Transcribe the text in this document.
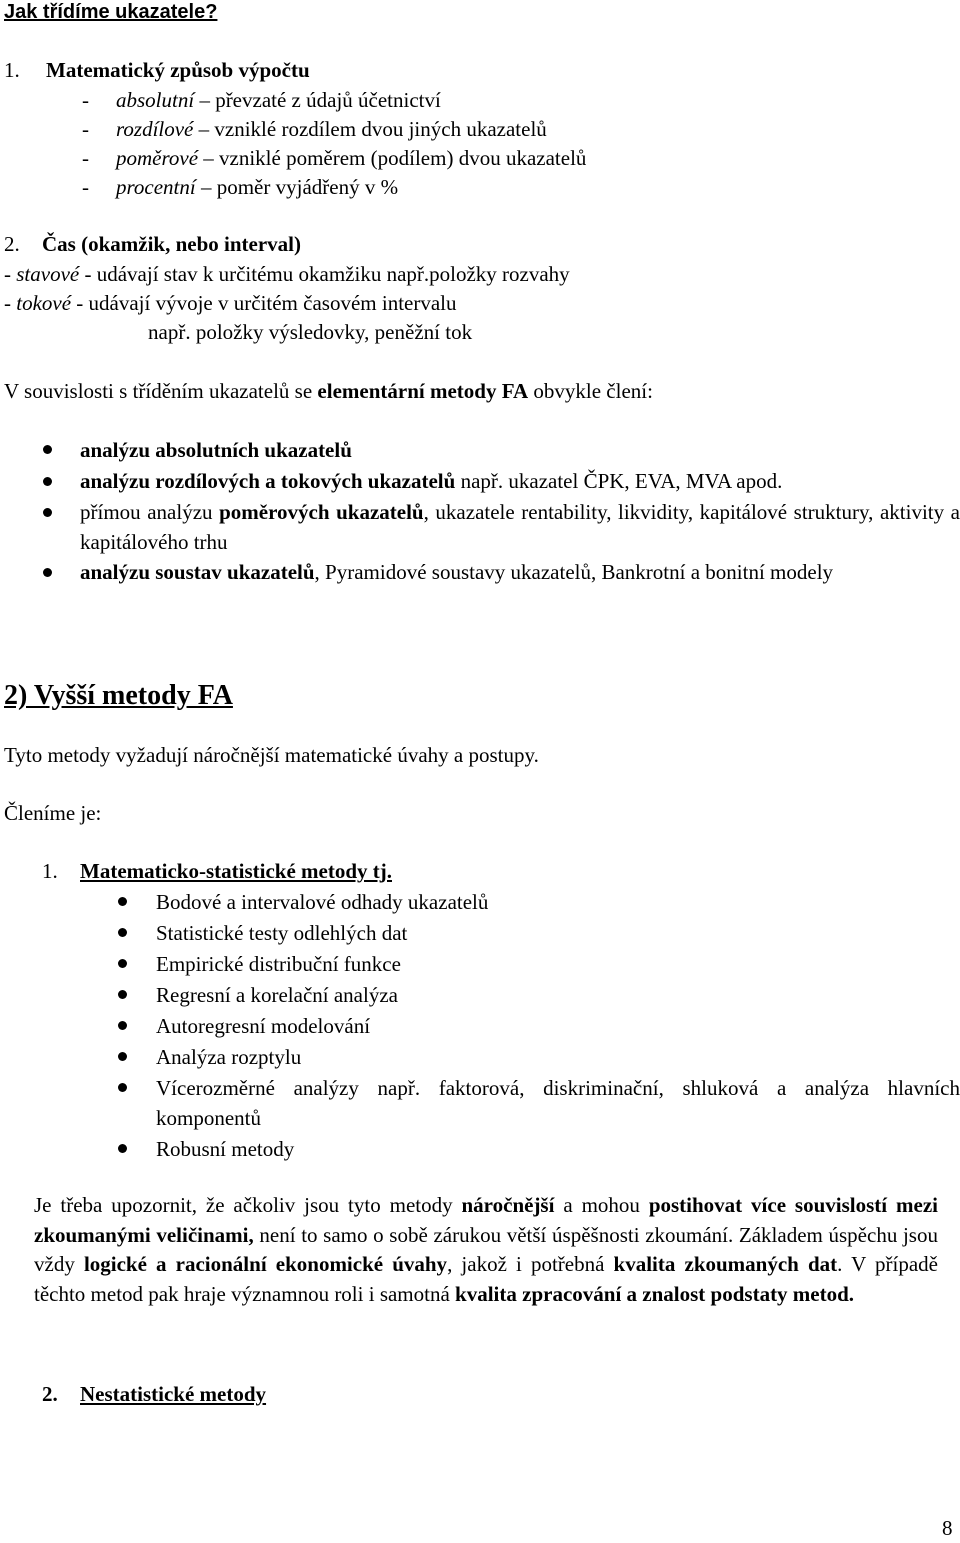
Jak třídíme ukazatele?
1. Matematický způsob výpočtu
- absolutní – převzaté z údajů účetnictví
- rozdílové – vzniklé rozdílem dvou jiných ukazatelů
- poměrové – vzniklé poměrem (podílem) dvou ukazatelů
- procentní – poměr vyjádřený v %
2. Čas (okamžik, nebo interval)
- stavové - udávají stav k určitému okamžiku např.položky rozvahy
- tokové - udávají vývoje v určitém časovém intervalu
např. položky výsledovky, peněžní tok
V souvislosti s tříděním ukazatelů se elementární metody FA obvykle člení:
analýzu absolutních ukazatelů
analýzu rozdílových a tokových ukazatelů např. ukazatel ČPK, EVA, MVA apod.
přímou analýzu poměrových ukazatelů, ukazatele rentability, likvidity, kapitálové struktury, aktivity a kapitálového trhu
analýzu soustav ukazatelů, Pyramidové soustavy ukazatelů, Bankrotní a bonitní modely
2) Vyšší metody FA
Tyto metody vyžadují náročnější matematické úvahy a postupy.
Členíme je:
1. Matematicko-statistické metody tj.
Bodové a intervalové odhady ukazatelů
Statistické testy odlehlých dat
Empirické distribuční funkce
Regresní a korelační analýza
Autoregresní modelování
Analýza rozptylu
Vícerozměrné analýzy např. faktorová, diskriminační, shluková a analýza hlavních komponentů
Robusní metody
Je třeba upozornit, že ačkoliv jsou tyto metody náročnější a mohou postihovat více souvislostí mezi zkoumanými veličinami, není to samo o sobě zárukou větší úspěšnosti zkoumání. Základem úspěchu jsou vždy logické a racionální ekonomické úvahy, jakož i potřebná kvalita zkoumaných dat. V případě těchto metod pak hraje významnou roli i samotná kvalita zpracování a znalost podstaty metod.
2. Nestatistické metody
8
